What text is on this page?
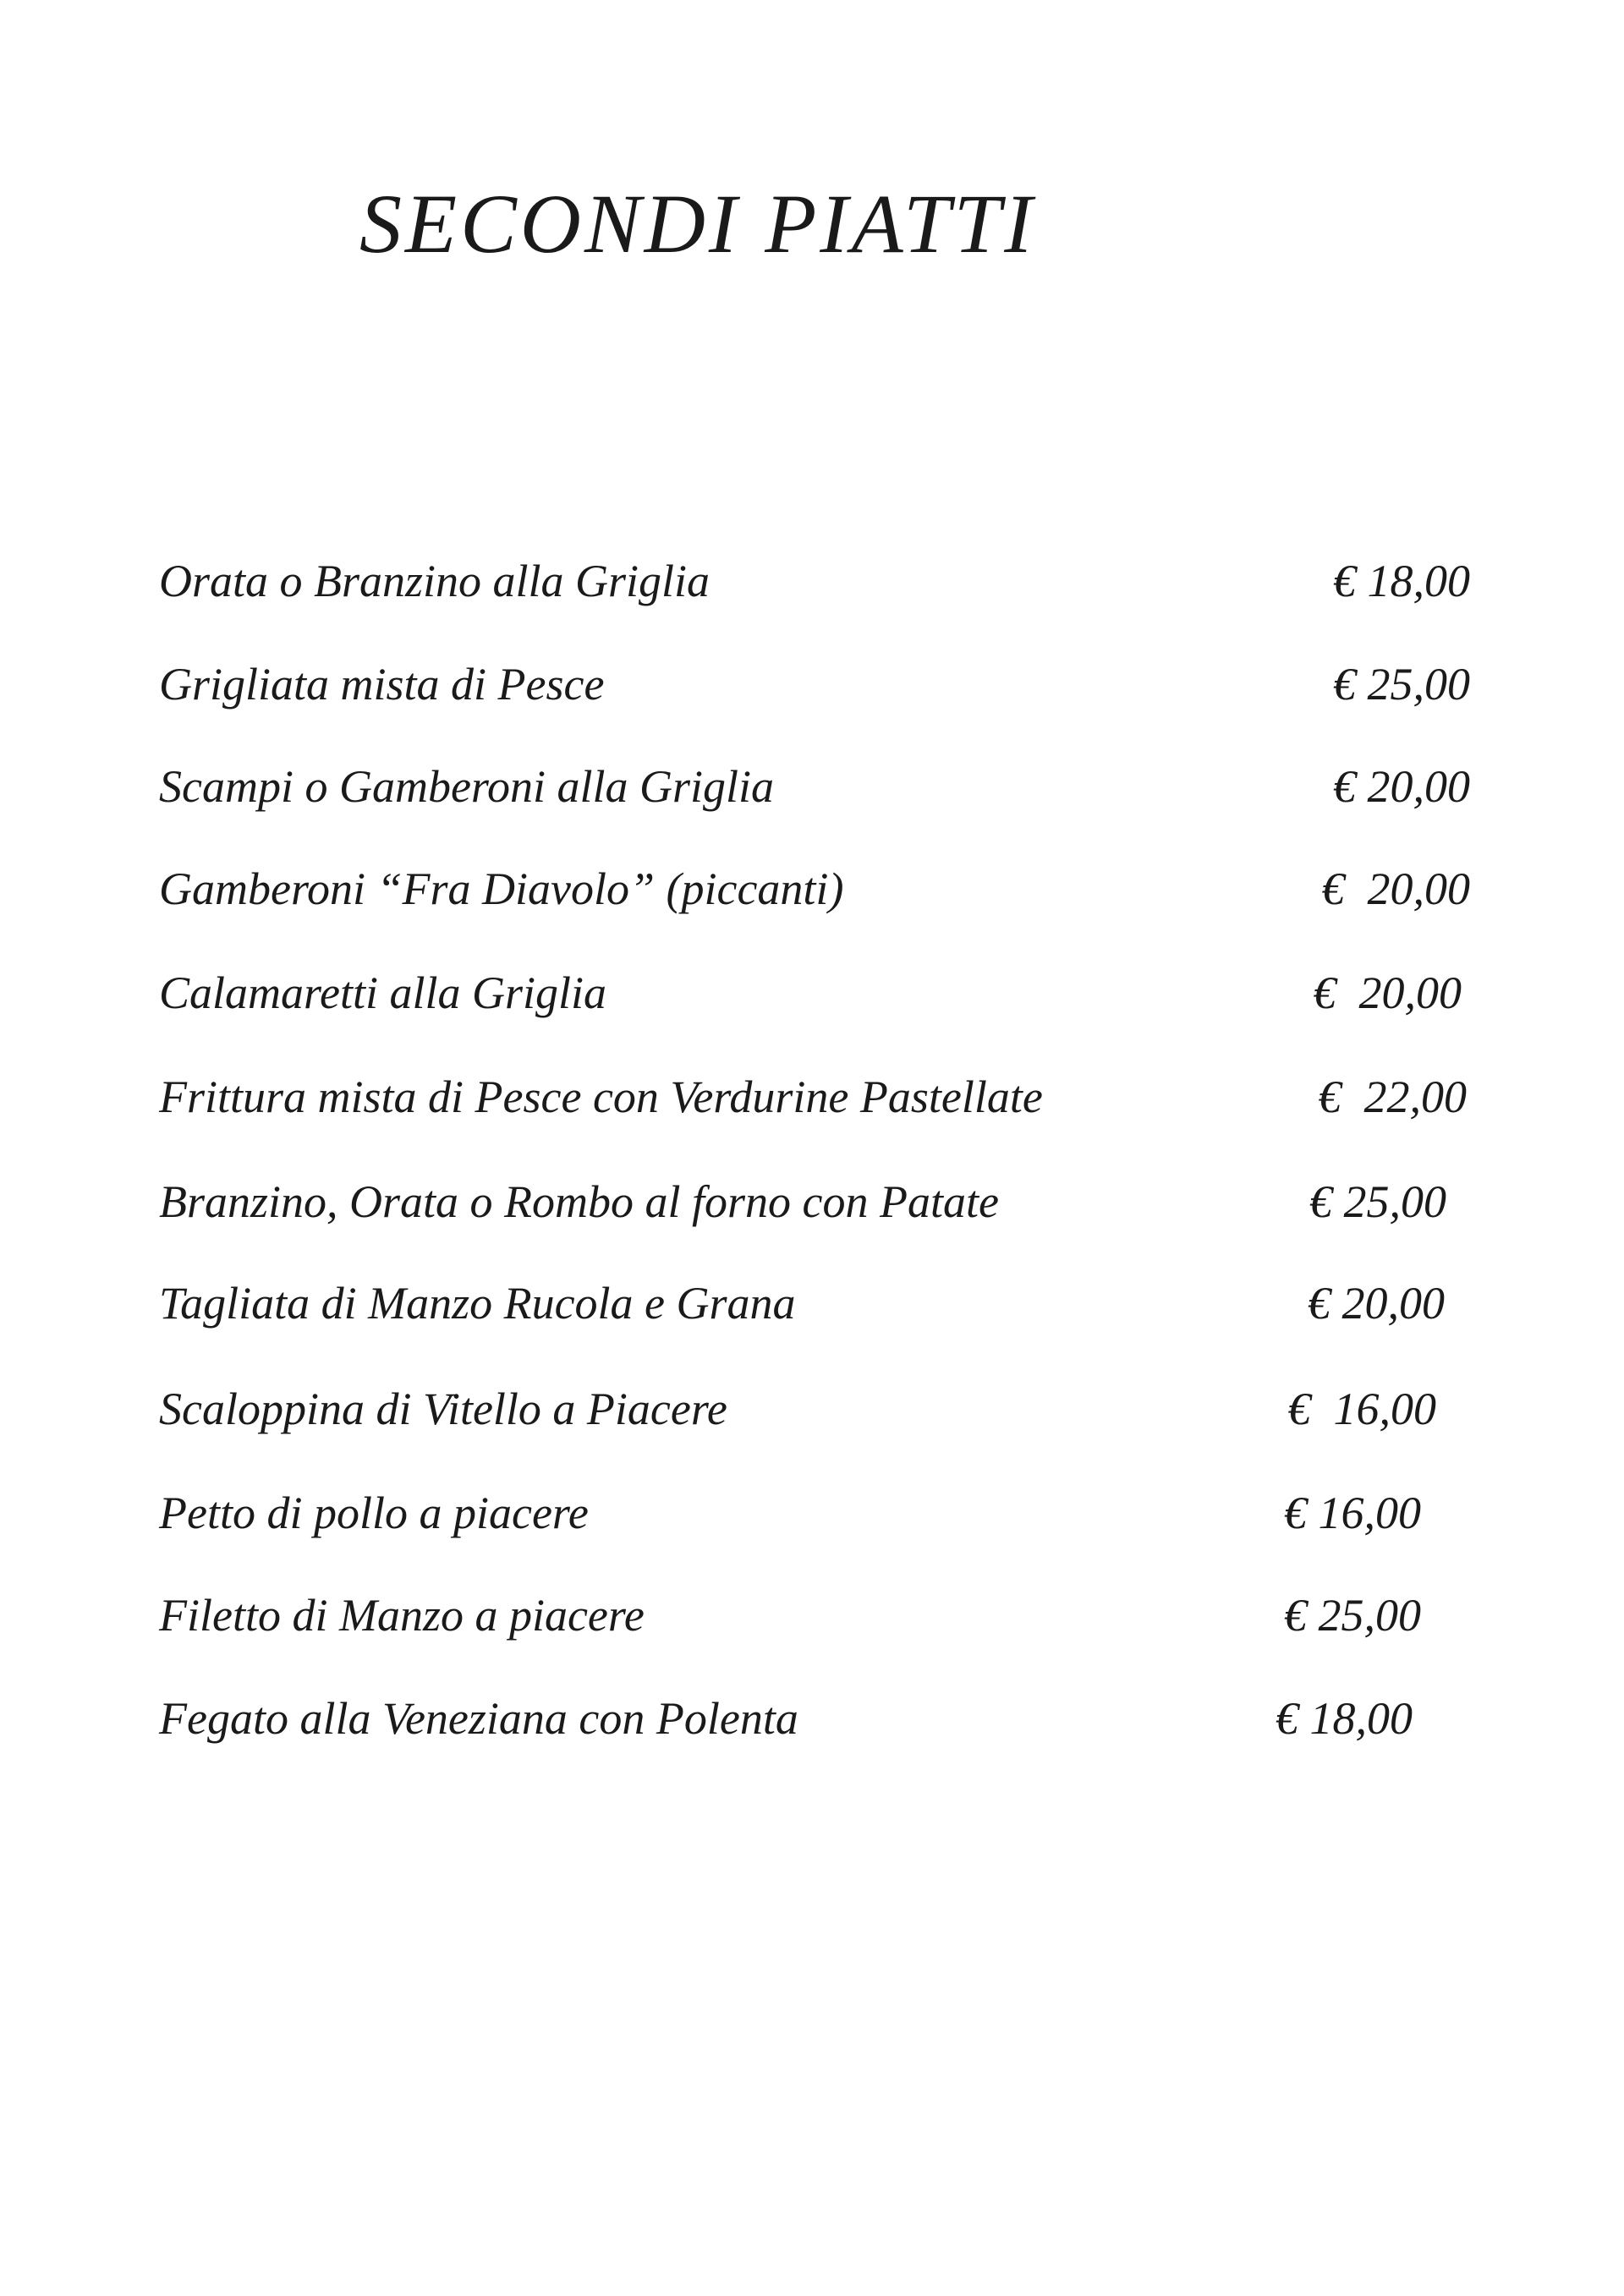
SECONDI PIATTI
Orata o Branzino alla Griglia	€ 18,00
Grigliata mista di Pesce	€ 25,00
Scampi o Gamberoni alla Griglia	€ 20,00
Gamberoni “Fra Diavolo” (piccanti)	€  20,00
Calamaretti alla Griglia	€  20,00
Frittura mista di Pesce con Verdurine Pastellate	€  22,00
Branzino, Orata o Rombo al forno con Patate	€ 25,00
Tagliata di Manzo Rucola e Grana	€ 20,00
Scaloppina di Vitello a Piacere	€  16,00
Petto di pollo a piacere	€ 16,00
Filetto di Manzo a piacere	€ 25,00
Fegato alla Veneziana con Polenta	€ 18,00
